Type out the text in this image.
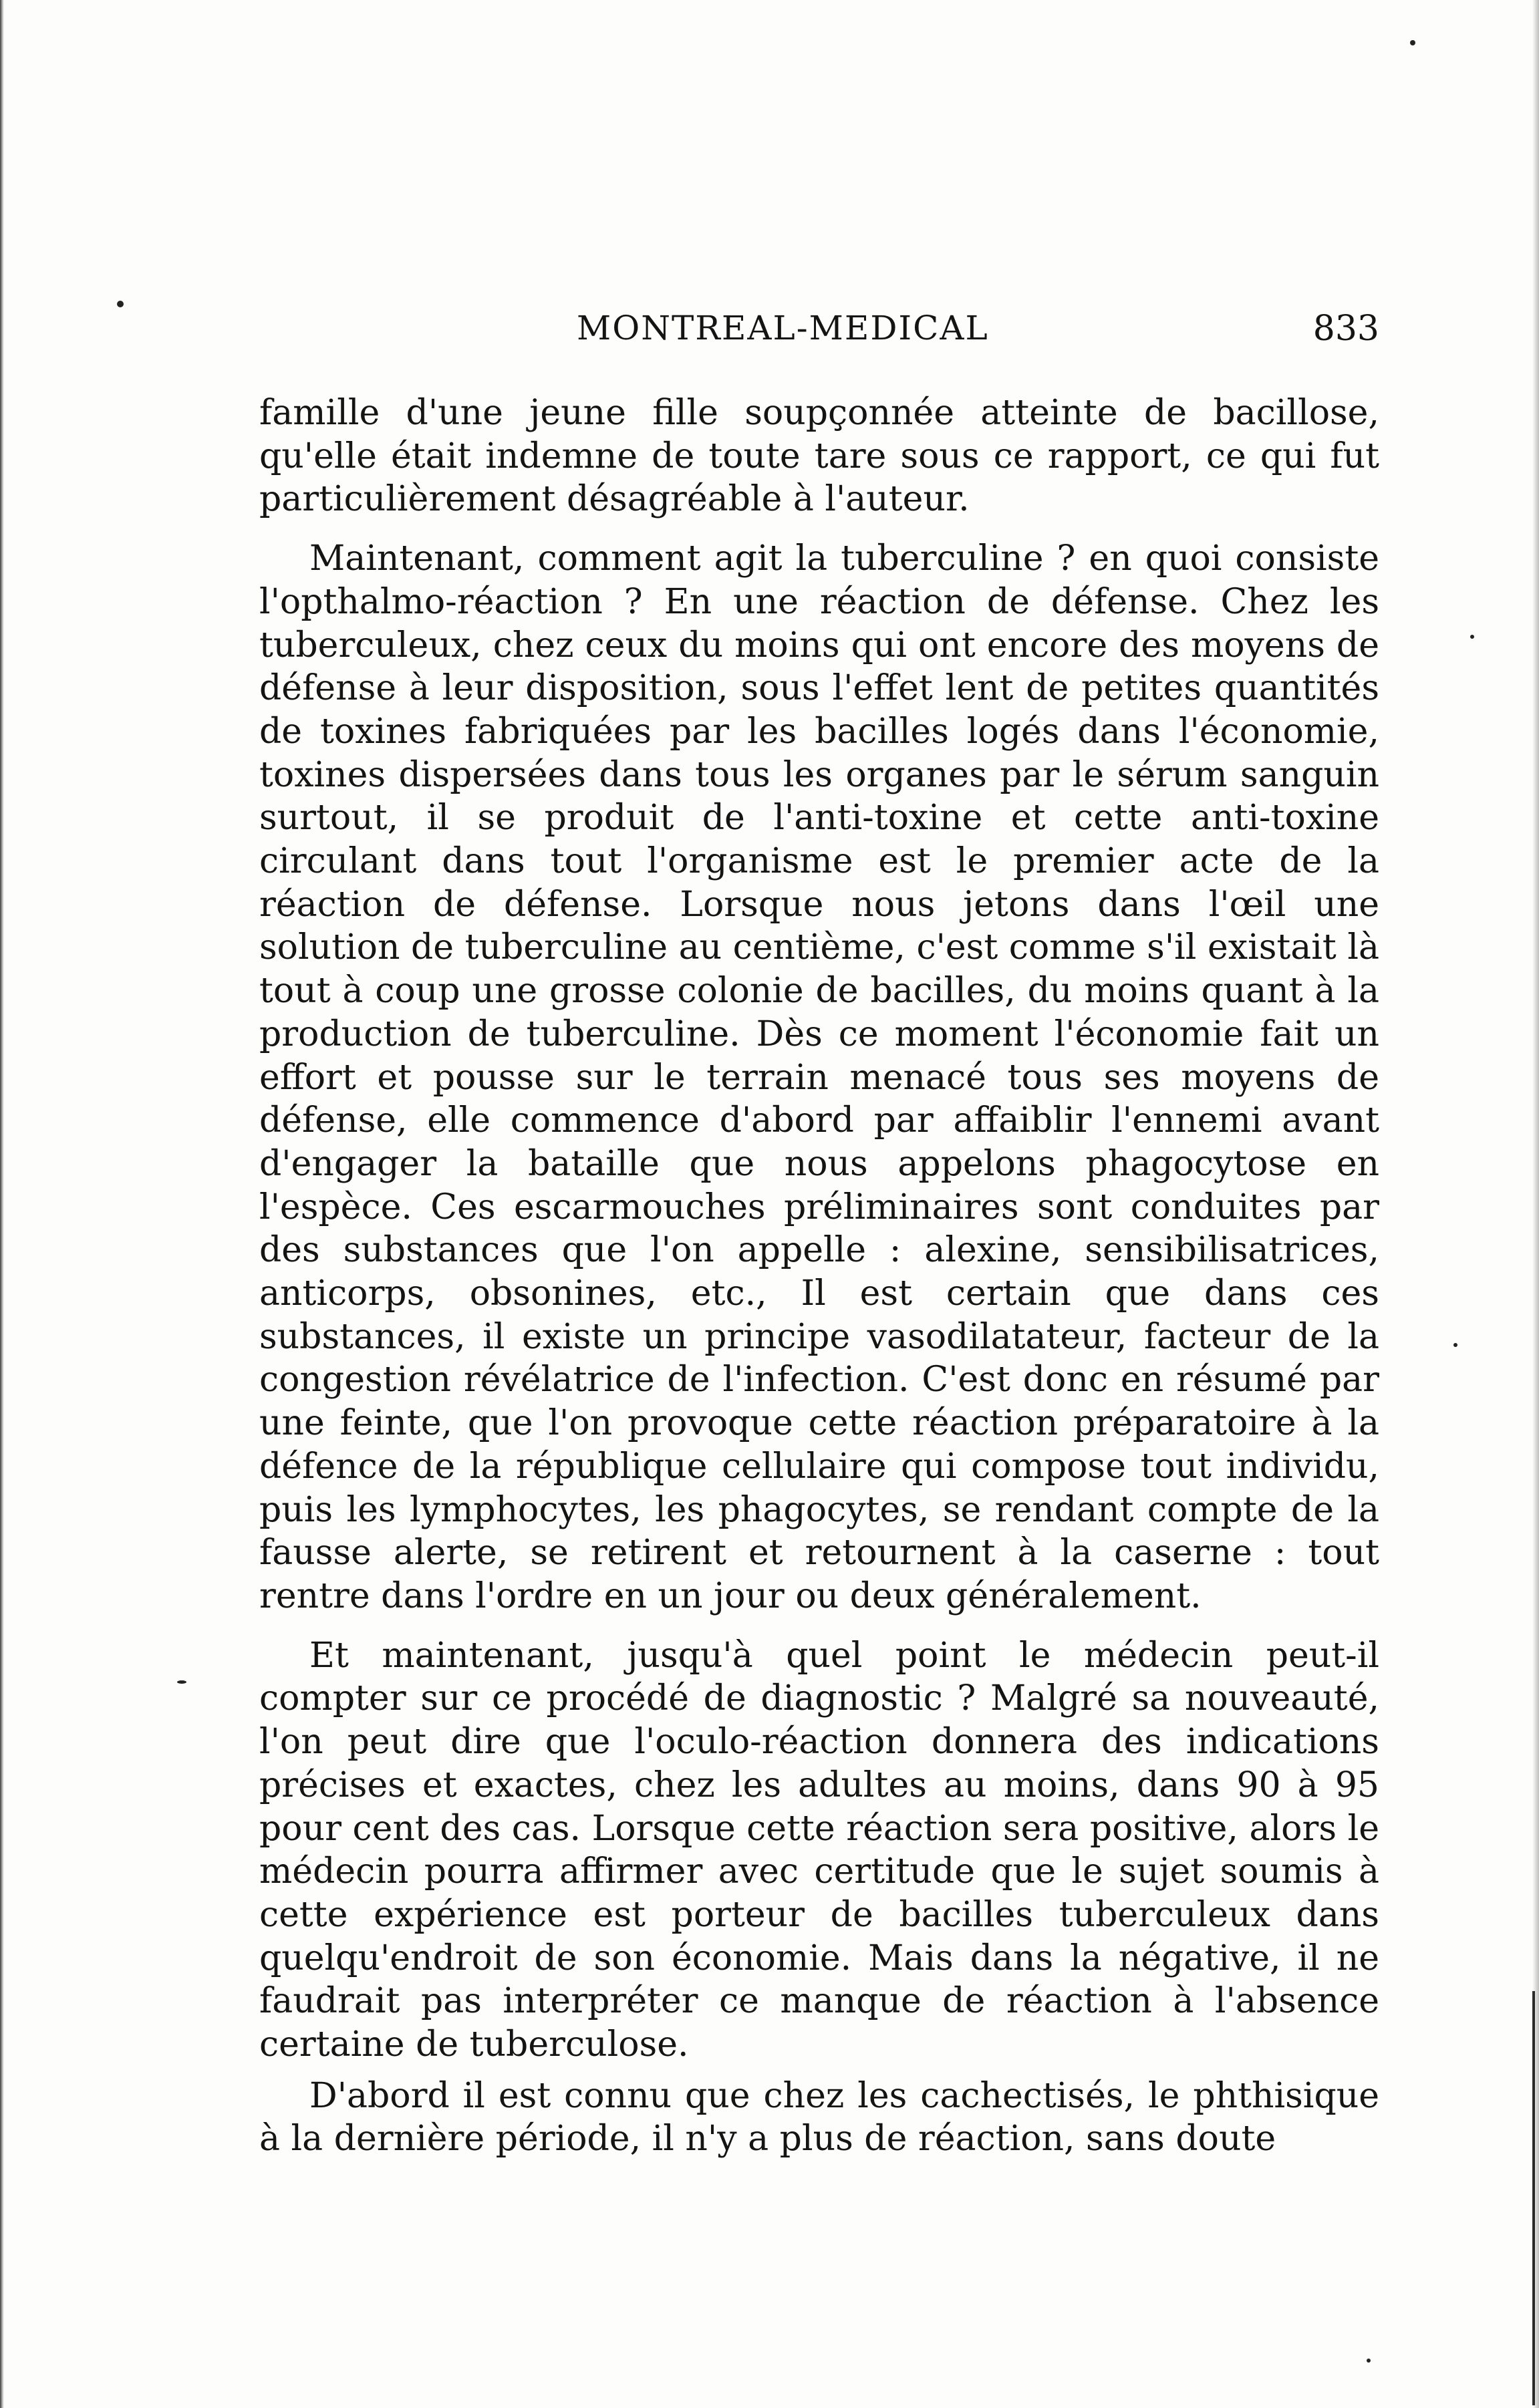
MONTREAL-MEDICAL	833

famille d'une jeune fille soupçonnée atteinte de bacillose, qu'elle était indemne de toute tare sous ce rapport, ce qui fut particulièrement désagréable à l'auteur.

Maintenant, comment agit la tuberculine ? en quoi consiste l'opthalmo-réaction ? En une réaction de défense. Chez les tuberculeux, chez ceux du moins qui ont encore des moyens de défense à leur disposition, sous l'effet lent de petites quantités de toxines fabriquées par les bacilles logés dans l'économie, toxines dispersées dans tous les organes par le sérum sanguin surtout, il se produit de l'anti-toxine et cette anti-toxine circulant dans tout l'organisme est le premier acte de la réaction de défense. Lorsque nous jetons dans l'œil une solution de tuberculine au centième, c'est comme s'il existait là tout à coup une grosse colonie de bacilles, du moins quant à la production de tuberculine. Dès ce moment l'économie fait un effort et pousse sur le terrain menacé tous ses moyens de défense, elle commence d'abord par affaiblir l'ennemi avant d'engager la bataille que nous appelons phagocytose en l'espèce. Ces escarmouches préliminaires sont conduites par des substances que l'on appelle : alexine, sensibilisatrices, anticorps, obsonines, etc., Il est certain que dans ces substances, il existe un principe vasodilatateur, facteur de la congestion révélatrice de l'infection. C'est donc en résumé par une feinte, que l'on provoque cette réaction préparatoire à la défence de la république cellulaire qui compose tout individu, puis les lymphocytes, les phagocytes, se rendant compte de la fausse alerte, se retirent et retournent à la caserne : tout rentre dans l'ordre en un jour ou deux généralement.

Et maintenant, jusqu'à quel point le médecin peut-il compter sur ce procédé de diagnostic ? Malgré sa nouveauté, l'on peut dire que l'oculo-réaction donnera des indications précises et exactes, chez les adultes au moins, dans 90 à 95 pour cent des cas. Lorsque cette réaction sera positive, alors le médecin pourra affirmer avec certitude que le sujet soumis à cette expérience est porteur de bacilles tuberculeux dans quelqu'endroit de son économie. Mais dans la négative, il ne faudrait pas interpréter ce manque de réaction à l'absence certaine de tuberculose.

D'abord il est connu que chez les cachectisés, le phthisique à la dernière période, il n'y a plus de réaction, sans doute
